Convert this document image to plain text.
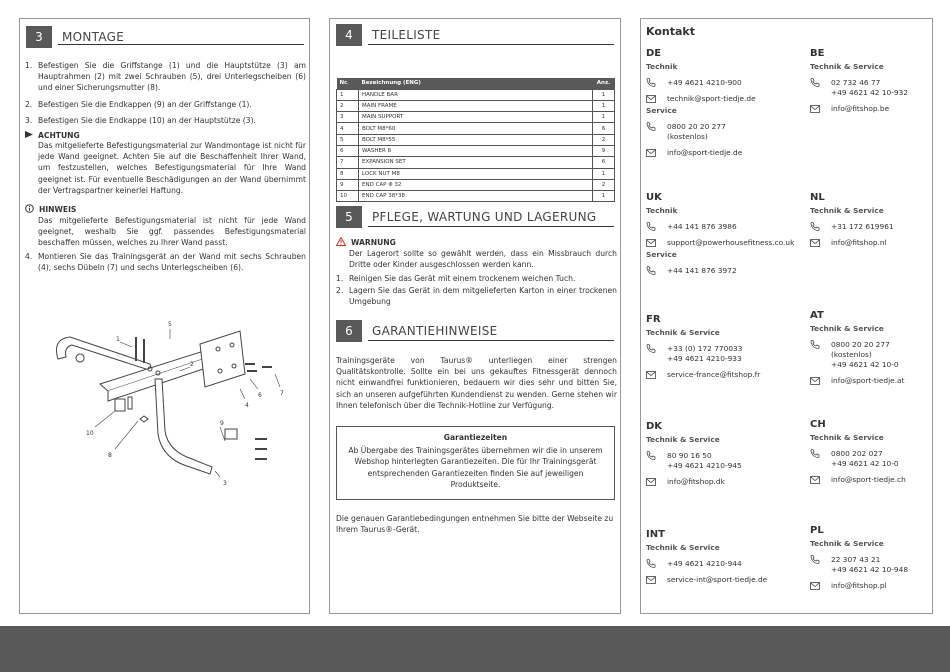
3	MONTAGE
1. Befestigen Sie die Griffstange (1) und die Hauptstütze (3) am Hauptrahmen (2) mit zwei Schrauben (5), drei Unterlegscheiben (6) und einer Sicherungsmutter (8).
2. Befestigen Sie die Endkappen (9) an der Griffstange (1).
3. Befestigen Sie die Endkappe (10) an der Hauptstütze (3).
ACHTUNG
Das mitgelieferte Befestigungsmaterial zur Wandmontage ist nicht für jede Wand geeignet. Achten Sie auf die Beschaffenheit Ihrer Wand, um festzustellen, welches Befestigungsmaterial für Ihre Wand geeignet ist. Für eventuelle Beschädigungen an der Wand übernimmt der Vertragspartner keinerlei Haftung.
HINWEIS
Das mitgelieferte Befestigungsmaterial ist nicht für jede Wand geeignet, weshalb Sie ggf. passendes Befestigungsmaterial beschaffen müssen, welches zu Ihrer Wand passt.
4. Montieren Sie das Trainingsgerät an der Wand mit sechs Schrauben (4), sechs Dübeln (7) und sechs Unterlegscheiben (6).
1
2
3
4
5
6	7
8
9
10
4	TEILELISTE
Nr.	Bezeichnung (ENG)	Anz.
1	HANDLE BAR	1
2	MAIN FRAME	1
3	MAIN SUPPORT	1
4	BOLT M8*60	6
5	BOLT M8*55	2
6	WASHER 8	9
7	EXPANSION SET	6
8	LOCK NUT M8	1
9	END CAP Φ 32	2
10	END CAP 38*38	1
5	PFLEGE, WARTUNG UND LAGERUNG
WARNUNG
Der Lagerort sollte so gewählt werden, dass ein Missbrauch durch Dritte oder Kinder ausgeschlossen werden kann.
1. Reinigen Sie das Gerät mit einem trockenem weichen Tuch.
2. Lagern Sie das Gerät in dem mitgelieferten Karton in einer trockenen Umgebung
6	GARANTIEHINWEISE
Trainingsgeräte von Taurus® unterliegen einer strengen Qualitätskontrolle. Sollte ein bei uns gekauftes Fitnessgerät dennoch nicht einwandfrei funktionieren, bedauern wir dies sehr und bitten Sie, sich an unseren aufgeführten Kundendienst zu wenden. Gerne stehen wir Ihnen telefonisch über die Technik-Hotline zur Verfügung.
Garantiezeiten
Ab Übergabe des Trainingsgerätes übernehmen wir die in unserem Webshop hinterlegten Garantiezeiten. Die für Ihr Trainingsgerät entsprechenden Garantiezeiten finden Sie auf jeweiligen Produktseite.
Die genauen Garantiebedingungen entnehmen Sie bitte der Webseite zu Ihrem Taurus®-Gerät.
Kontakt
DE
Technik
+49 4621 4210-900
technik@sport-tiedje.de
Service
0800 20 20 277
(kostenlos)
info@sport-tiedje.de
BE
Technik & Service
02 732 46 77
+49 4621 42 10-932
info@fitshop.be
UK
Technik
+44 141 876 3986
support@powerhousefitness.co.uk
Service
+44 141 876 3972
NL
Technik & Service
+31 172 619961
info@fitshop.nl
FR
Technik & Service
+33 (0) 172 770033
+49 4621 4210-933
service-france@fitshop.fr
AT
Technik & Service
0800 20 20 277
(kostenlos)
+49 4621 42 10-0
info@sport-tiedje.at
DK
Technik & Service
80 90 16 50
+49 4621 4210-945
info@fitshop.dk
CH
Technik & Service
0800 202 027
+49 4621 42 10-0
info@sport-tiedje.ch
INT
Technik & Service
+49 4621 4210-944
service-int@sport-tiedje.de
PL
Technik & Service
22 307 43 21
+49 4621 42 10-948
info@fitshop.pl
